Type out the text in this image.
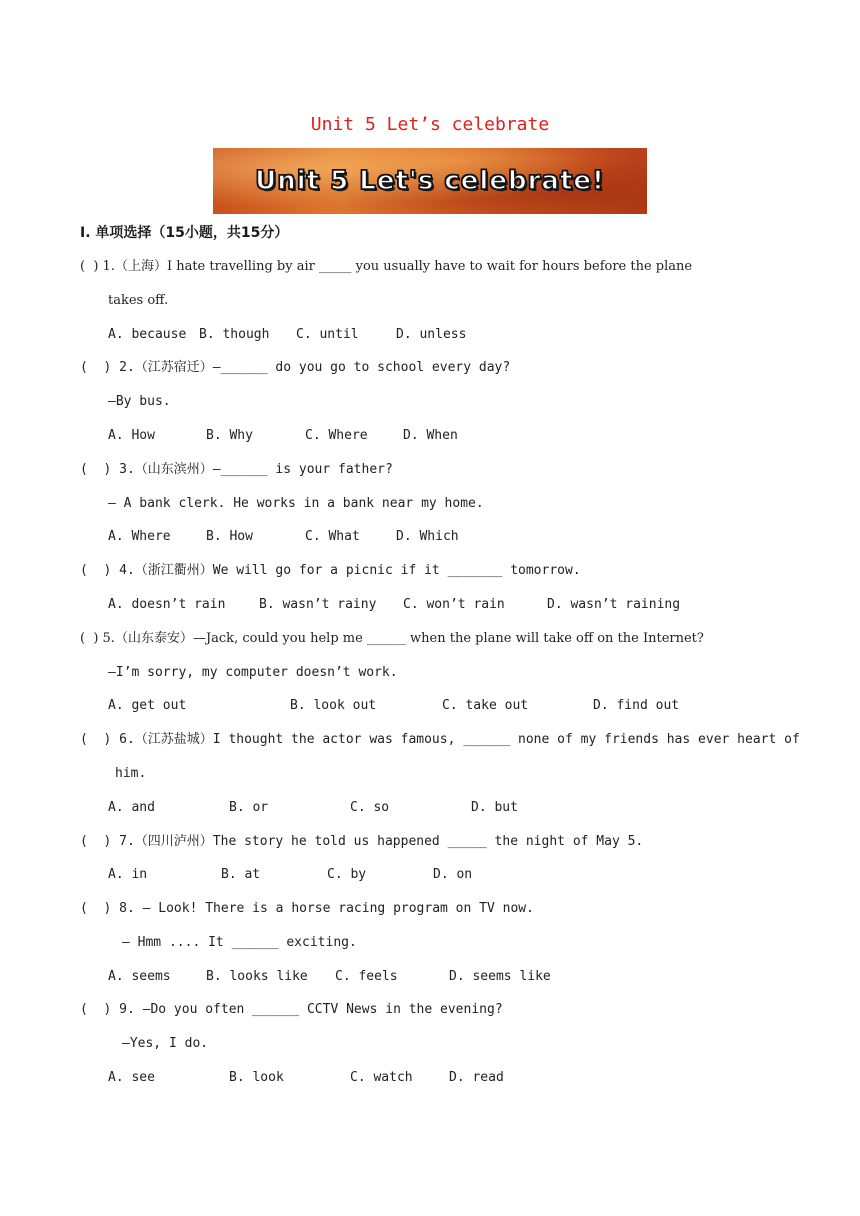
Unit 5 Let’s celebrate
Unit 5 Let's celebrate!
Ⅰ. 单项选择（15小题，共15分）
(  ) 1.（上海）I hate travelling by air _____ you usually have to wait for hours before the plane
takes off.
A. because B. though C. until	D. unless
(  ) 2.（江苏宿迁）—______ do you go to school every day?
—By bus.
A. How	B. Why	C. Where	D. When
(  ) 3.（山东滨州）—______ is your father?
— A bank clerk. He works in a bank near my home.
A. Where	B. How	C. What	D. Which
(  ) 4.（浙江衢州）We will go for a picnic if it _______ tomorrow.
A. doesn’t rain	B. wasn’t rainy C. won’t rain	D. wasn’t raining
(  ) 5.（山东泰安）—Jack, could you help me ______ when the plane will take off on the Internet?
—I’m sorry, my computer doesn’t work.
A. get out	B. look out	C. take out	D. find out
(  ) 6.（江苏盐城）I thought the actor was famous, ______ none of my friends has ever heart of
him.
A. and	B. or	C. so	D. but
(  ) 7.（四川泸州）The story he told us happened _____ the night of May 5.
A. in	B. at	C. by	D. on
(  ) 8. — Look! There is a horse racing program on TV now.
— Hmm .... It ______ exciting.
A. seems	B. looks like C. feels	D. seems like
(  ) 9. —Do you often ______ CCTV News in the evening?
—Yes, I do.
A. see	B. look	C. watch	D. read
